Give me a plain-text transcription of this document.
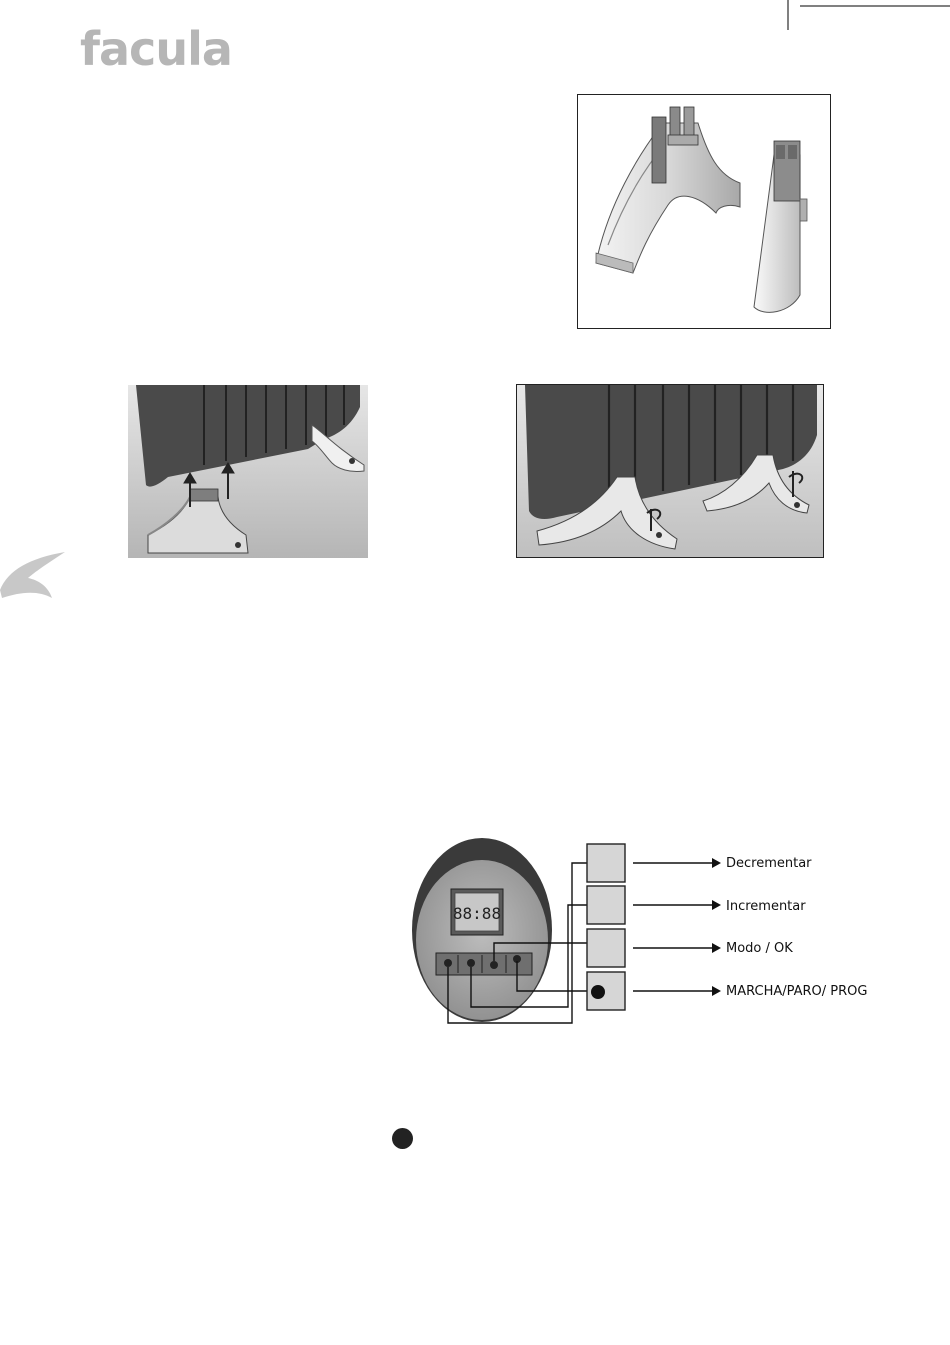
facula
88:88
Decrementar
Incrementar
Modo / OK
MARCHA/PARO/ PROG
